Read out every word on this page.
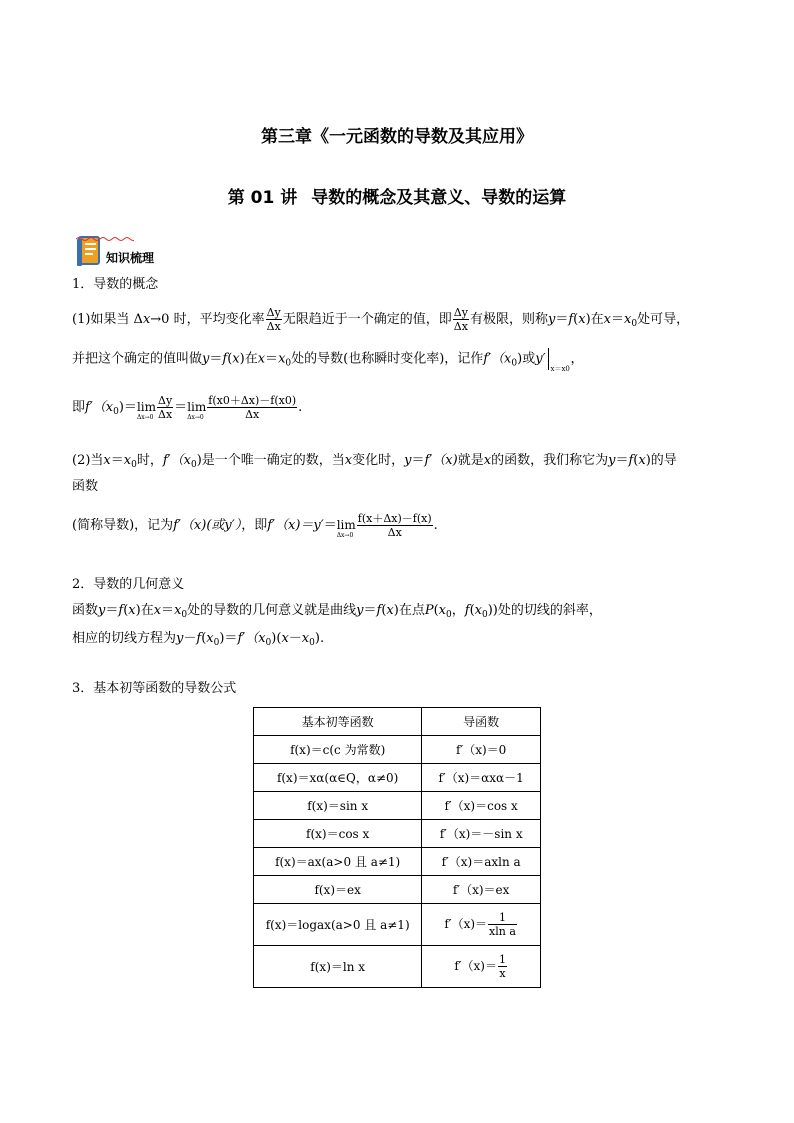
第三章《一元函数的导数及其应用》
第 01 讲 导数的概念及其意义、导数的运算
知识梳理
1．导数的概念
(1)如果当 Δx→0 时，平均变化率 $\frac{\Delta y}{\Delta x}$ 无限趋近于一个确定的值，即 $\frac{\Delta y}{\Delta x}$ 有极限，则称y＝f(x)在$x=x_0$处可导，
并把这个确定的值叫做y＝f(x)在$x=x_0$处的导数(也称瞬时变化率)，记作$f'(x_0)$或y′
x＝x0
，
即$f'(x_0)=\lim$
$\Delta x\to 0 \frac{\Delta y}{\Delta x} =\lim$
$\Delta x\to 0 \frac{f(x0+\Delta x)-f(x0)}{\Delta x}$ .
(2)当$x=x_0$时，$f'(x_0)$是一个唯一确定的数，当x变化时，y＝f′（x)就是x的函数，我们称它为y＝f(x)的导
函数
(简称导数)，记为f′（x)(或y′），即f′（x)＝y′＝lim
$\Delta x\to 0 \frac{f(x+\Delta x)-f(x)}{\Delta x}$ .
2．导数的几何意义
函数y＝f(x)在$x=x_0$处的导数的几何意义就是曲线y＝f(x)在点$P(x_0$，$f(x_0)$)处的切线的斜率，
相应的切线方程为$y-f(x_0)=f'(x_0)(x-x_0)$.
3．基本初等函数的导数公式
基本初等函数	导函数
f(x)＝c(c 为常数)	f′（x)＝0
f(x)＝xα(α∈Q，α≠0)	f′（x)＝αxα－1
f(x)＝sin x	f′（x)＝cos x
f(x)＝cos x	f′（x)＝－sin x
f(x)＝ax(a>0 且 a≠1)	f′（x)＝axln a
f(x)＝ex	f′（x)＝ex
f(x)＝logax(a>0 且 a≠1)	$f'(x)= \frac{1}{\text{xln a}}$

f(x)＝ln x	$f'(x)= \frac{1}{x}$
